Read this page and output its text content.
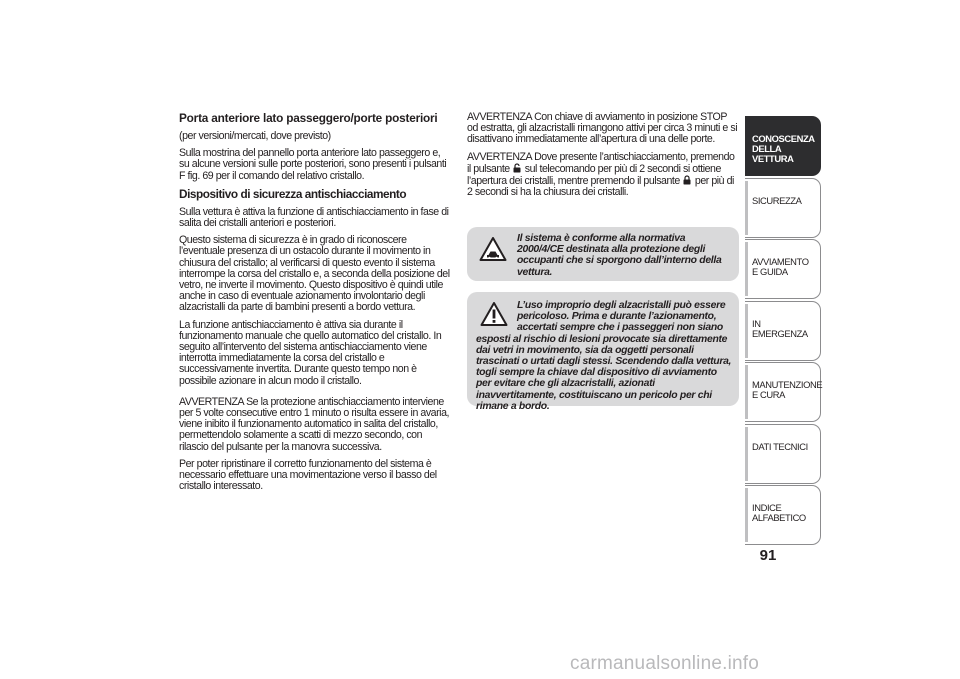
Porta anteriore lato passeggero/porte posteriori

(per versioni/mercati, dove previsto)

Sulla mostrina del pannello porta anteriore lato passeggero e, su alcune versioni sulle porte posteriori, sono presenti i pulsanti F fig. 69 per il comando del relativo cristallo.

Dispositivo di sicurezza antischiacciamento

Sulla vettura è attiva la funzione di antischiacciamento in fase di salita dei cristalli anteriori e posteriori.

Questo sistema di sicurezza è in grado di riconoscere l’eventuale presenza di un ostacolo durante il movimento in chiusura del cristallo; al verificarsi di questo evento il sistema interrompe la corsa del cristallo e, a seconda della posizione del vetro, ne inverte il movimento. Questo dispositivo è quindi utile anche in caso di eventuale azionamento involontario degli alzacristalli da parte di bambini presenti a bordo vettura.

La funzione antischiacciamento è attiva sia durante il funzionamento manuale che quello automatico del cristallo. In seguito all’intervento del sistema antischiacciamento viene interrotta immediatamente la corsa del cristallo e successivamente invertita. Durante questo tempo non è possibile azionare in alcun modo il cristallo.

AVVERTENZA Se la protezione antischiacciamento interviene per 5 volte consecutive entro 1 minuto o risulta essere in avaria, viene inibito il funzionamento automatico in salita del cristallo, permettendolo solamente a scatti di mezzo secondo, con rilascio del pulsante per la manovra successiva.

Per poter ripristinare il corretto funzionamento del sistema è necessario effettuare una movimentazione verso il basso del cristallo interessato.

AVVERTENZA Con chiave di avviamento in posizione STOP od estratta, gli alzacristalli rimangono attivi per circa 3 minuti e si disattivano immediatamente all’apertura di una delle porte.

AVVERTENZA Dove presente l’antischiacciamento, premendo il pulsante sul telecomando per più di 2 secondi si ottiene l’apertura dei cristalli, mentre premendo il pulsante per più di 2 secondi si ha la chiusura dei cristalli.

Il sistema è conforme alla normativa 2000/4/CE destinata alla protezione degli occupanti che si sporgono dall’interno della vettura.
L’uso improprio degli alzacristalli può essere pericoloso. Prima e durante l’azionamento, accertati sempre che i passeggeri non siano esposti al rischio di lesioni provocate sia direttamente dai vetri in movimento, sia da oggetti personali trascinati o urtati dagli stessi. Scendendo dalla vettura, togli sempre la chiave dal dispositivo di avviamento per evitare che gli alzacristalli, azionati inavvertitamente, costituiscano un pericolo per chi rimane a bordo.
CONOSCENZA DELLA VETTURA
SICUREZZA
AVVIAMENTO E GUIDA
IN EMERGENZA
MANUTENZIONE E CURA
DATI TECNICI
INDICE ALFABETICO
91
carmanualsonline.info
